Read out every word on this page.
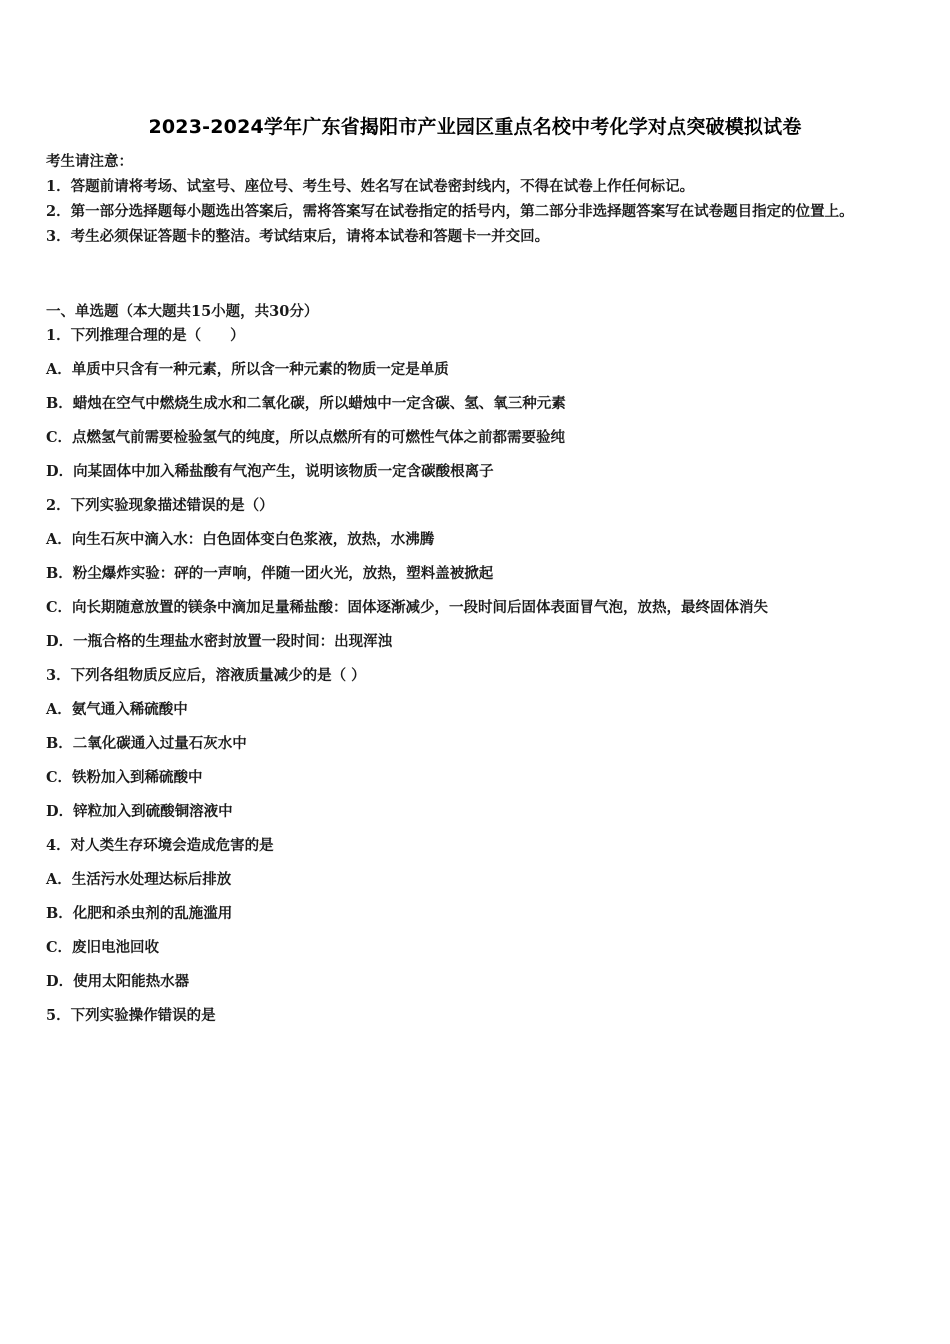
2023-2024学年广东省揭阳市产业园区重点名校中考化学对点突破模拟试卷
考生请注意：
1．答题前请将考场、试室号、座位号、考生号、姓名写在试卷密封线内，不得在试卷上作任何标记。
2．第一部分选择题每小题选出答案后，需将答案写在试卷指定的括号内，第二部分非选择题答案写在试卷题目指定的位置上。
3．考生必须保证答题卡的整洁。考试结束后，请将本试卷和答题卡一并交回。
一、单选题（本大题共15小题，共30分）
1．下列推理合理的是（　　）
A．单质中只含有一种元素，所以含一种元素的物质一定是单质
B．蜡烛在空气中燃烧生成水和二氧化碳，所以蜡烛中一定含碳、氢、氧三种元素
C．点燃氢气前需要检验氢气的纯度，所以点燃所有的可燃性气体之前都需要验纯
D．向某固体中加入稀盐酸有气泡产生，说明该物质一定含碳酸根离子
2．下列实验现象描述错误的是（）
A．向生石灰中滴入水：白色固体变白色浆液，放热，水沸腾
B．粉尘爆炸实验：砰的一声响，伴随一团火光，放热，塑料盖被掀起
C．向长期随意放置的镁条中滴加足量稀盐酸：固体逐渐减少，一段时间后固体表面冒气泡，放热，最终固体消失
D．一瓶合格的生理盐水密封放置一段时间：出现浑浊
3．下列各组物质反应后，溶液质量减少的是（ ）
A．氨气通入稀硫酸中
B．二氧化碳通入过量石灰水中
C．铁粉加入到稀硫酸中
D．锌粒加入到硫酸铜溶液中
4．对人类生存环境会造成危害的是
A．生活污水处理达标后排放
B．化肥和杀虫剂的乱施滥用
C．废旧电池回收
D．使用太阳能热水器
5．下列实验操作错误的是
